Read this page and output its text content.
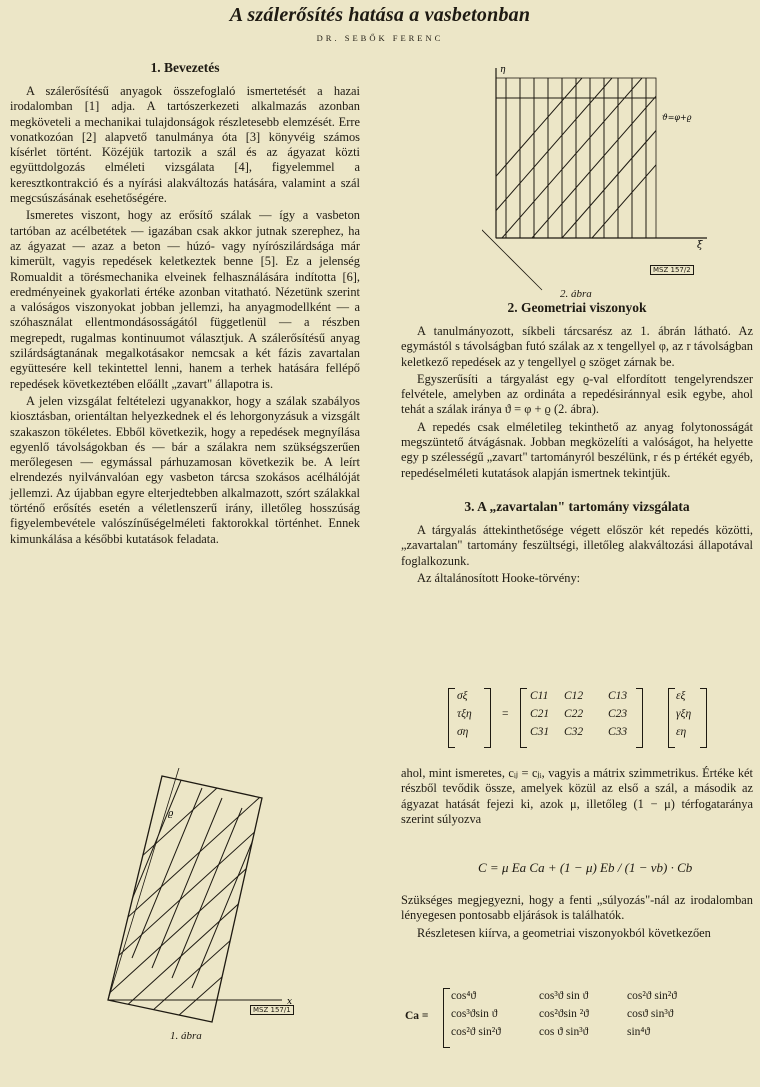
A szálerősítés hatása a vasbetonban
DR. SEBŐK FERENC
1. Bevezetés

A szálerősítésű anyagok összefoglaló ismertetését a hazai irodalomban [1] adja. A tartószerkezeti alkalmazás azonban megköveteli a mechanikai tulajdonságok részletesebb elemzését. Erre vonatkozóan [2] alapvető tanulmánya óta [3] könyvéig számos kísérlet történt. Közéjük tartozik a szál és az ágyazat közti együttdolgozás elméleti vizsgálata [4], figyelemmel a keresztkontrakció és a nyírási alakváltozás hatására, valamint a szál megcsúszásának esehetőségére.

Ismeretes viszont, hogy az erősítő szálak — így a vasbeton tartóban az acélbetétek — igazában csak akkor jutnak szerephez, ha az ágyazat — azaz a beton — húzó- vagy nyírószilárdsága már kimerült, vagyis repedések keletkeztek benne [5]. Ez a jelenség Romualdit a törésmechanika elveinek felhasználására indította [6], eredményeinek gyakorlati értéke azonban vitatható. Nézetünk szerint a valóságos viszonyokat jobban jellemzi, ha anyagmodellként — a szóhasználat ellentmondásosságától függetlenül — a részben megrepedt, rugalmas kontinuumot választjuk. A szálerősítésű anyag szilárdságtanának megalkotásakor nemcsak a két fázis zavartalan együttesére kell tekintettel lenni, hanem a terhek hatására fellépő repedések következtében előállt „zavart" állapotra is.

A jelen vizsgálat feltételezi ugyanakkor, hogy a szálak szabályos kiosztásban, orientáltan helyezkednek el és lehorgonyzásuk a vizsgált szakaszon tökéletes. Ebből következik, hogy a repedések megnyílása egyenlő távolságokban és — bár a szálakra nem szükségszerűen merőlegesen — egymással párhuzamosan következik be. A leírt elrendezés nyilvánvalóan egy vasbeton tárcsa szokásos acélhálóját jellemzi. Az újabban egyre elterjedtebben alkalmazott, szórt szálakkal történő erősítés esetén a véletlenszerű irány, illetőleg hosszúság figyelembevétele valószínűségelméleti faktorokkal történhet. Ennek kimunkálása a későbbi kutatások feladata.

η
ξ
ϑ=φ+ϱ
MSZ 157/2
2. ábra
2. Geometriai viszonyok

A tanulmányozott, síkbeli tárcsarész az 1. ábrán látható. Az egymástól s távolságban futó szálak az x tengellyel φ, az r távolságban keletkező repedések az y tengellyel ϱ szöget zárnak be.

Egyszerűsíti a tárgyalást egy ϱ-val elfordított tengelyrendszer felvétele, amelyben az ordináta a repedésiránnyal esik egybe, ahol tehát a szálak iránya ϑ = φ + ϱ (2. ábra).

A repedés csak elméletileg tekinthető az anyag folytonosságát megszüntető átvágásnak. Jobban megközelíti a valóságot, ha helyette egy p szélességű „zavart" tartományról beszélünk, r és p értékét egyéb, repedéselméleti kutatások alapján ismertnek tekintjük.

3. A „zavartalan" tartomány vizsgálata

A tárgyalás áttekinthetősége végett először két repedés közötti, „zavartalan" tartomány feszültségi, illetőleg alakváltozási állapotával foglalkozunk.

Az általánosított Hooke-törvény:

σξ
τξη
ση
=
C11 C12 C13
C21 C22 C23
C31 C32 C33
εξ
γξη
εη

ahol, mint ismeretes, cᵢⱼ = cⱼᵢ, vagyis a mátrix szimmetrikus. Értéke két részből tevődik össze, amelyek közül az első a szál, a második az ágyazat hatását fejezi ki, azok μ, illetőleg (1 − μ) térfogataránya szerint súlyozva

C = μ Ea Ca + (1 − μ) Eb / (1 − νb) · Cb

Szükséges megjegyezni, hogy a fenti „súlyozás"-nál az irodalomban lényegesen pontosabb eljárások is találhatók.

Részletesen kiírva, a geometriai viszonyokból következően

Ca =
cos⁴ϑ	cos³ϑ sin ϑ	cos²ϑ sin²ϑ
cos³ϑsin ϑ	cos²ϑsin ²ϑ	cosϑ sin³ϑ
cos²ϑ sin²ϑ	cos ϑ sin³ϑ	sin⁴ϑ
x
ϱ
MSZ 157/1
1. ábra
